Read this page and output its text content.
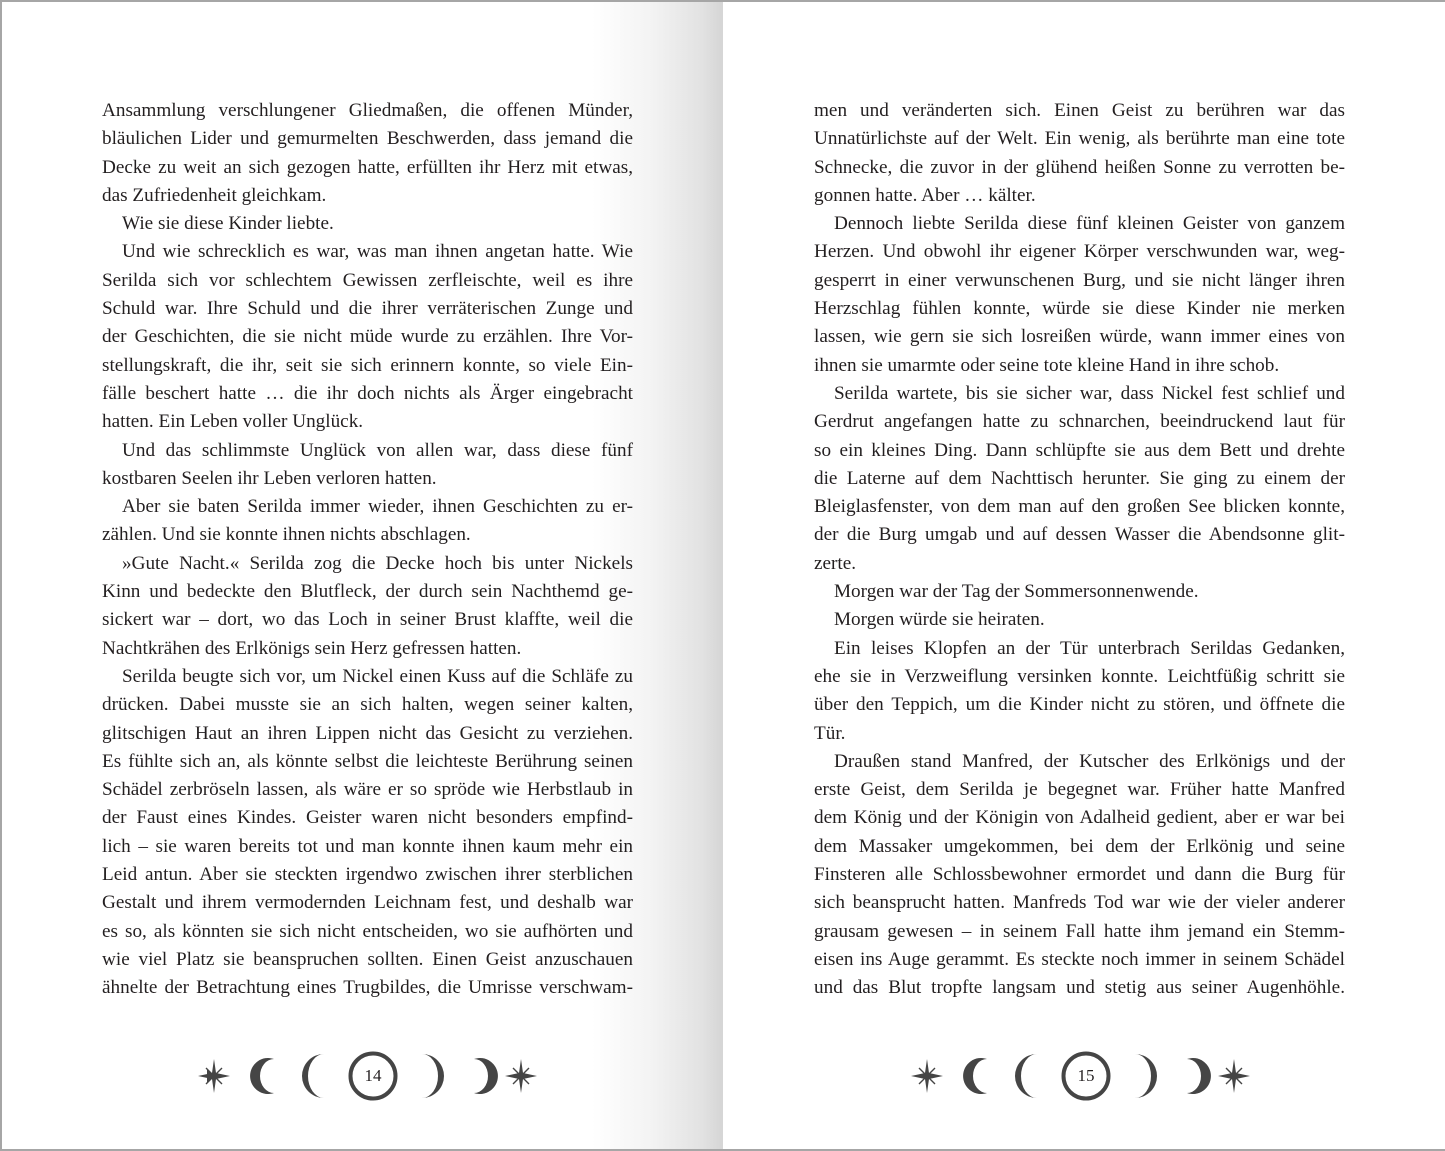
Ansammlung verschlungener Gliedmaßen, die offenen Münder,
bläulichen Lider und gemurmelten Beschwerden, dass jemand die
Decke zu weit an sich gezogen hatte, erfüllten ihr Herz mit etwas,
das Zufriedenheit gleichkam.
Wie sie diese Kinder liebte.
Und wie schrecklich es war, was man ihnen angetan hatte. Wie
Serilda sich vor schlechtem Gewissen zerfleischte, weil es ihre
Schuld war. Ihre Schuld und die ihrer verräterischen Zunge und
der Geschichten, die sie nicht müde wurde zu erzählen. Ihre Vor-
stellungskraft, die ihr, seit sie sich erinnern konnte, so viele Ein-
fälle beschert hatte … die ihr doch nichts als Ärger eingebracht
hatten. Ein Leben voller Unglück.
Und das schlimmste Unglück von allen war, dass diese fünf
kostbaren Seelen ihr Leben verloren hatten.
Aber sie baten Serilda immer wieder, ihnen Geschichten zu er-
zählen. Und sie konnte ihnen nichts abschlagen.
»Gute Nacht.« Serilda zog die Decke hoch bis unter Nickels
Kinn und bedeckte den Blutfleck, der durch sein Nachthemd ge-
sickert war – dort, wo das Loch in seiner Brust klaffte, weil die
Nachtkrähen des Erlkönigs sein Herz gefressen hatten.
Serilda beugte sich vor, um Nickel einen Kuss auf die Schläfe zu
drücken. Dabei musste sie an sich halten, wegen seiner kalten,
glitschigen Haut an ihren Lippen nicht das Gesicht zu verziehen.
Es fühlte sich an, als könnte selbst die leichteste Berührung seinen
Schädel zerbröseln lassen, als wäre er so spröde wie Herbstlaub in
der Faust eines Kindes. Geister waren nicht besonders empfind-
lich – sie waren bereits tot und man konnte ihnen kaum mehr ein
Leid antun. Aber sie steckten irgendwo zwischen ihrer sterblichen
Gestalt und ihrem vermodernden Leichnam fest, und deshalb war
es so, als könnten sie sich nicht entscheiden, wo sie aufhörten und
wie viel Platz sie beanspruchen sollten. Einen Geist anzuschauen
ähnelte der Betrachtung eines Trugbildes, die Umrisse verschwam-
14
men und veränderten sich. Einen Geist zu berühren war das
Unnatürlichste auf der Welt. Ein wenig, als berührte man eine tote
Schnecke, die zuvor in der glühend heißen Sonne zu verrotten be-
gonnen hatte. Aber … kälter.
Dennoch liebte Serilda diese fünf kleinen Geister von ganzem
Herzen. Und obwohl ihr eigener Körper verschwunden war, weg-
gesperrt in einer verwunschenen Burg, und sie nicht länger ihren
Herzschlag fühlen konnte, würde sie diese Kinder nie merken
lassen, wie gern sie sich losreißen würde, wann immer eines von
ihnen sie umarmte oder seine tote kleine Hand in ihre schob.
Serilda wartete, bis sie sicher war, dass Nickel fest schlief und
Gerdrut angefangen hatte zu schnarchen, beeindruckend laut für
so ein kleines Ding. Dann schlüpfte sie aus dem Bett und drehte
die Laterne auf dem Nachttisch herunter. Sie ging zu einem der
Bleiglasfenster, von dem man auf den großen See blicken konnte,
der die Burg umgab und auf dessen Wasser die Abendsonne glit-
zerte.
Morgen war der Tag der Sommersonnenwende.
Morgen würde sie heiraten.
Ein leises Klopfen an der Tür unterbrach Serildas Gedanken,
ehe sie in Verzweiflung versinken konnte. Leichtfüßig schritt sie
über den Teppich, um die Kinder nicht zu stören, und öffnete die
Tür.
Draußen stand Manfred, der Kutscher des Erlkönigs und der
erste Geist, dem Serilda je begegnet war. Früher hatte Manfred
dem König und der Königin von Adalheid gedient, aber er war bei
dem Massaker umgekommen, bei dem der Erlkönig und seine
Finsteren alle Schlossbewohner ermordet und dann die Burg für
sich beansprucht hatten. Manfreds Tod war wie der vieler anderer
grausam gewesen – in seinem Fall hatte ihm jemand ein Stemm-
eisen ins Auge gerammt. Es steckte noch immer in seinem Schädel
und das Blut tropfte langsam und stetig aus seiner Augenhöhle.
15
